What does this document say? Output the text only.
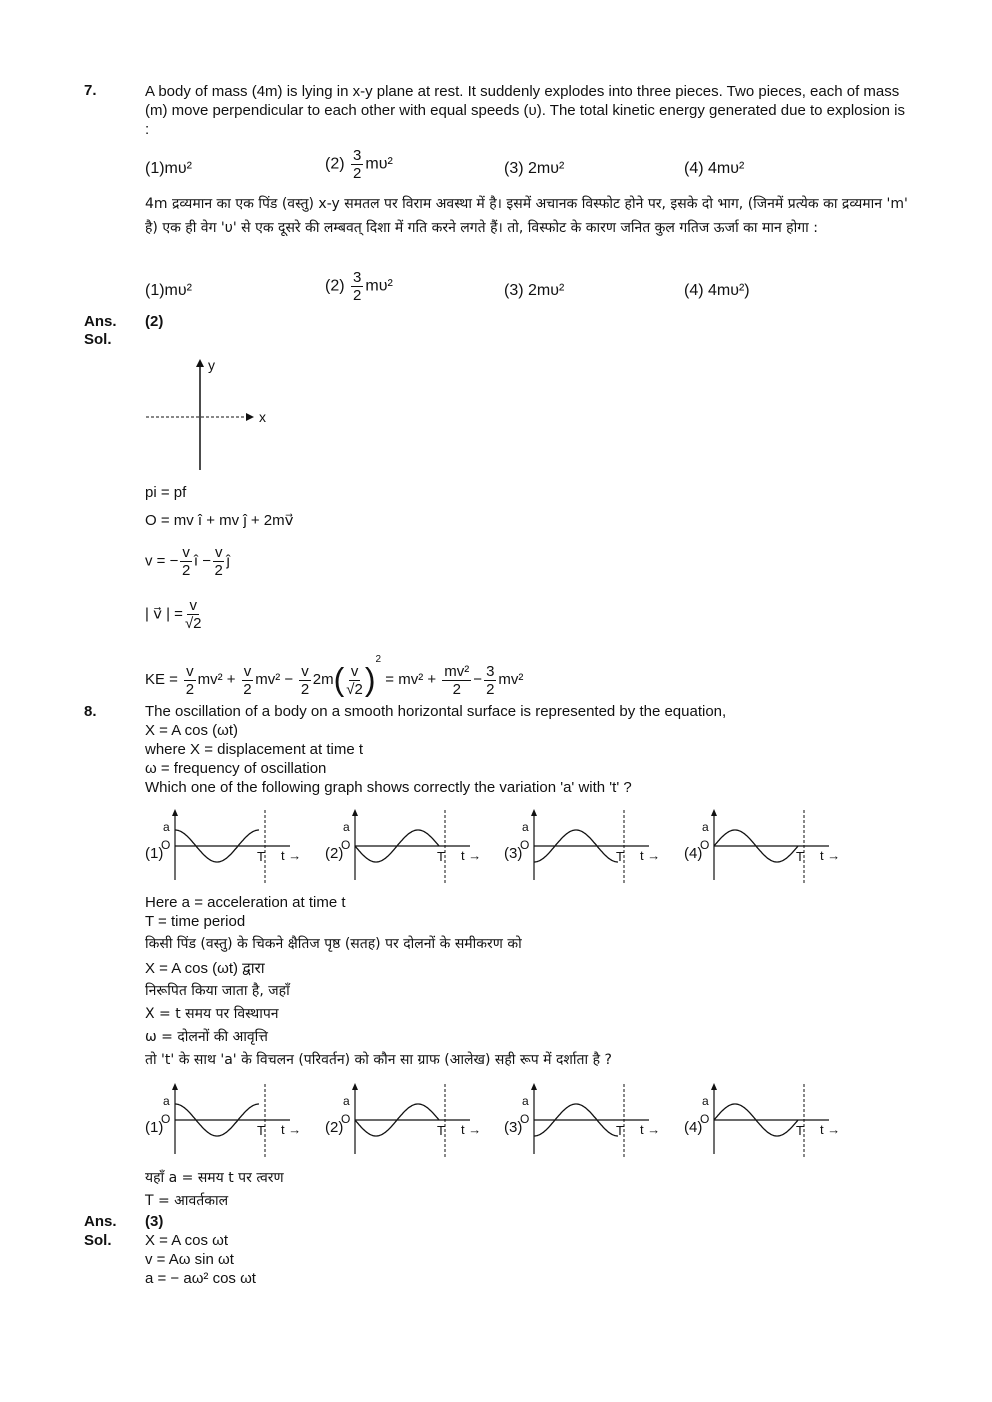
7.	A body of mass (4m) is lying in x-y plane at rest. It suddenly explodes into three pieces. Two pieces, each of mass (m) move perpendicular to each other with equal speeds (υ). The total kinetic energy generated due to explosion is :
(1)mυ²	$(2) \frac{3}{2} m\upsilon^2$	(3) 2mυ²	(4) 4mυ²
4m द्रव्यमान का एक पिंड (वस्तु) x-y समतल पर विराम अवस्था में है। इसमें अचानक विस्फोट होने पर, इसके दो भाग, (जिनमें प्रत्येक का द्रव्यमान 'm' है) एक ही वेग 'υ' से एक दूसरे की लम्बवत् दिशा में गति करने लगते हैं। तो, विस्फोट के कारण जनित कुल गतिज ऊर्जा का मान होगा :
(1)mυ²	$(2) \frac{3}{2} m\upsilon^2$	(3) 2mυ²	(4) 4mυ²)
Ans. (2)
Sol.
y
x
pi = pf
O = mv î + mv ĵ + 2mv⃗
v = − $\frac{v}{2}$ î − $\frac{v}{2}$ ĵ
| v⃗ | = $\frac{v}{√2}$
KE = $\frac{v}{2} mv^2 + \frac{v}{2} mv^2 - \frac{v}{2} 2m( \frac{v}{√2} )^2 = mv^2 + \frac{\text{mv²}}{2} - \frac{3}{2} mv^2$
8.	The oscillation of a body on a smooth horizontal surface is represented by the equation,
X = A cos (ωt)
where X = displacement at time t
ω = frequency of oscillation
Which one of the following graph shows correctly the variation 'a' with 't' ?
(1)
a
O
T t → (2)
a
O
T t → (3)
a
O
T t → (4)
a
O
T t →
Here a = acceleration at time t
T = time period
किसी पिंड (वस्तु) के चिकने क्षैतिज पृष्ठ (सतह) पर दोलनों के समीकरण को
X = A cos (ωt) द्वारा
निरूपित किया जाता है, जहाँ
X = t समय पर विस्थापन
ω = दोलनों की आवृत्ति
तो 't' के साथ 'a' के विचलन (परिवर्तन) को कौन सा ग्राफ (आलेख) सही रूप में दर्शाता है ?
(1)
a
O
T t → (2)
a
O
T t → (3)
a
O
T t → (4)
a
O
T t →
यहाँ a = समय t पर त्वरण
T = आवर्तकाल
Ans. (3)
Sol. X = A cos ωt
v = Aω sin ωt
a = − aω² cos ωt
